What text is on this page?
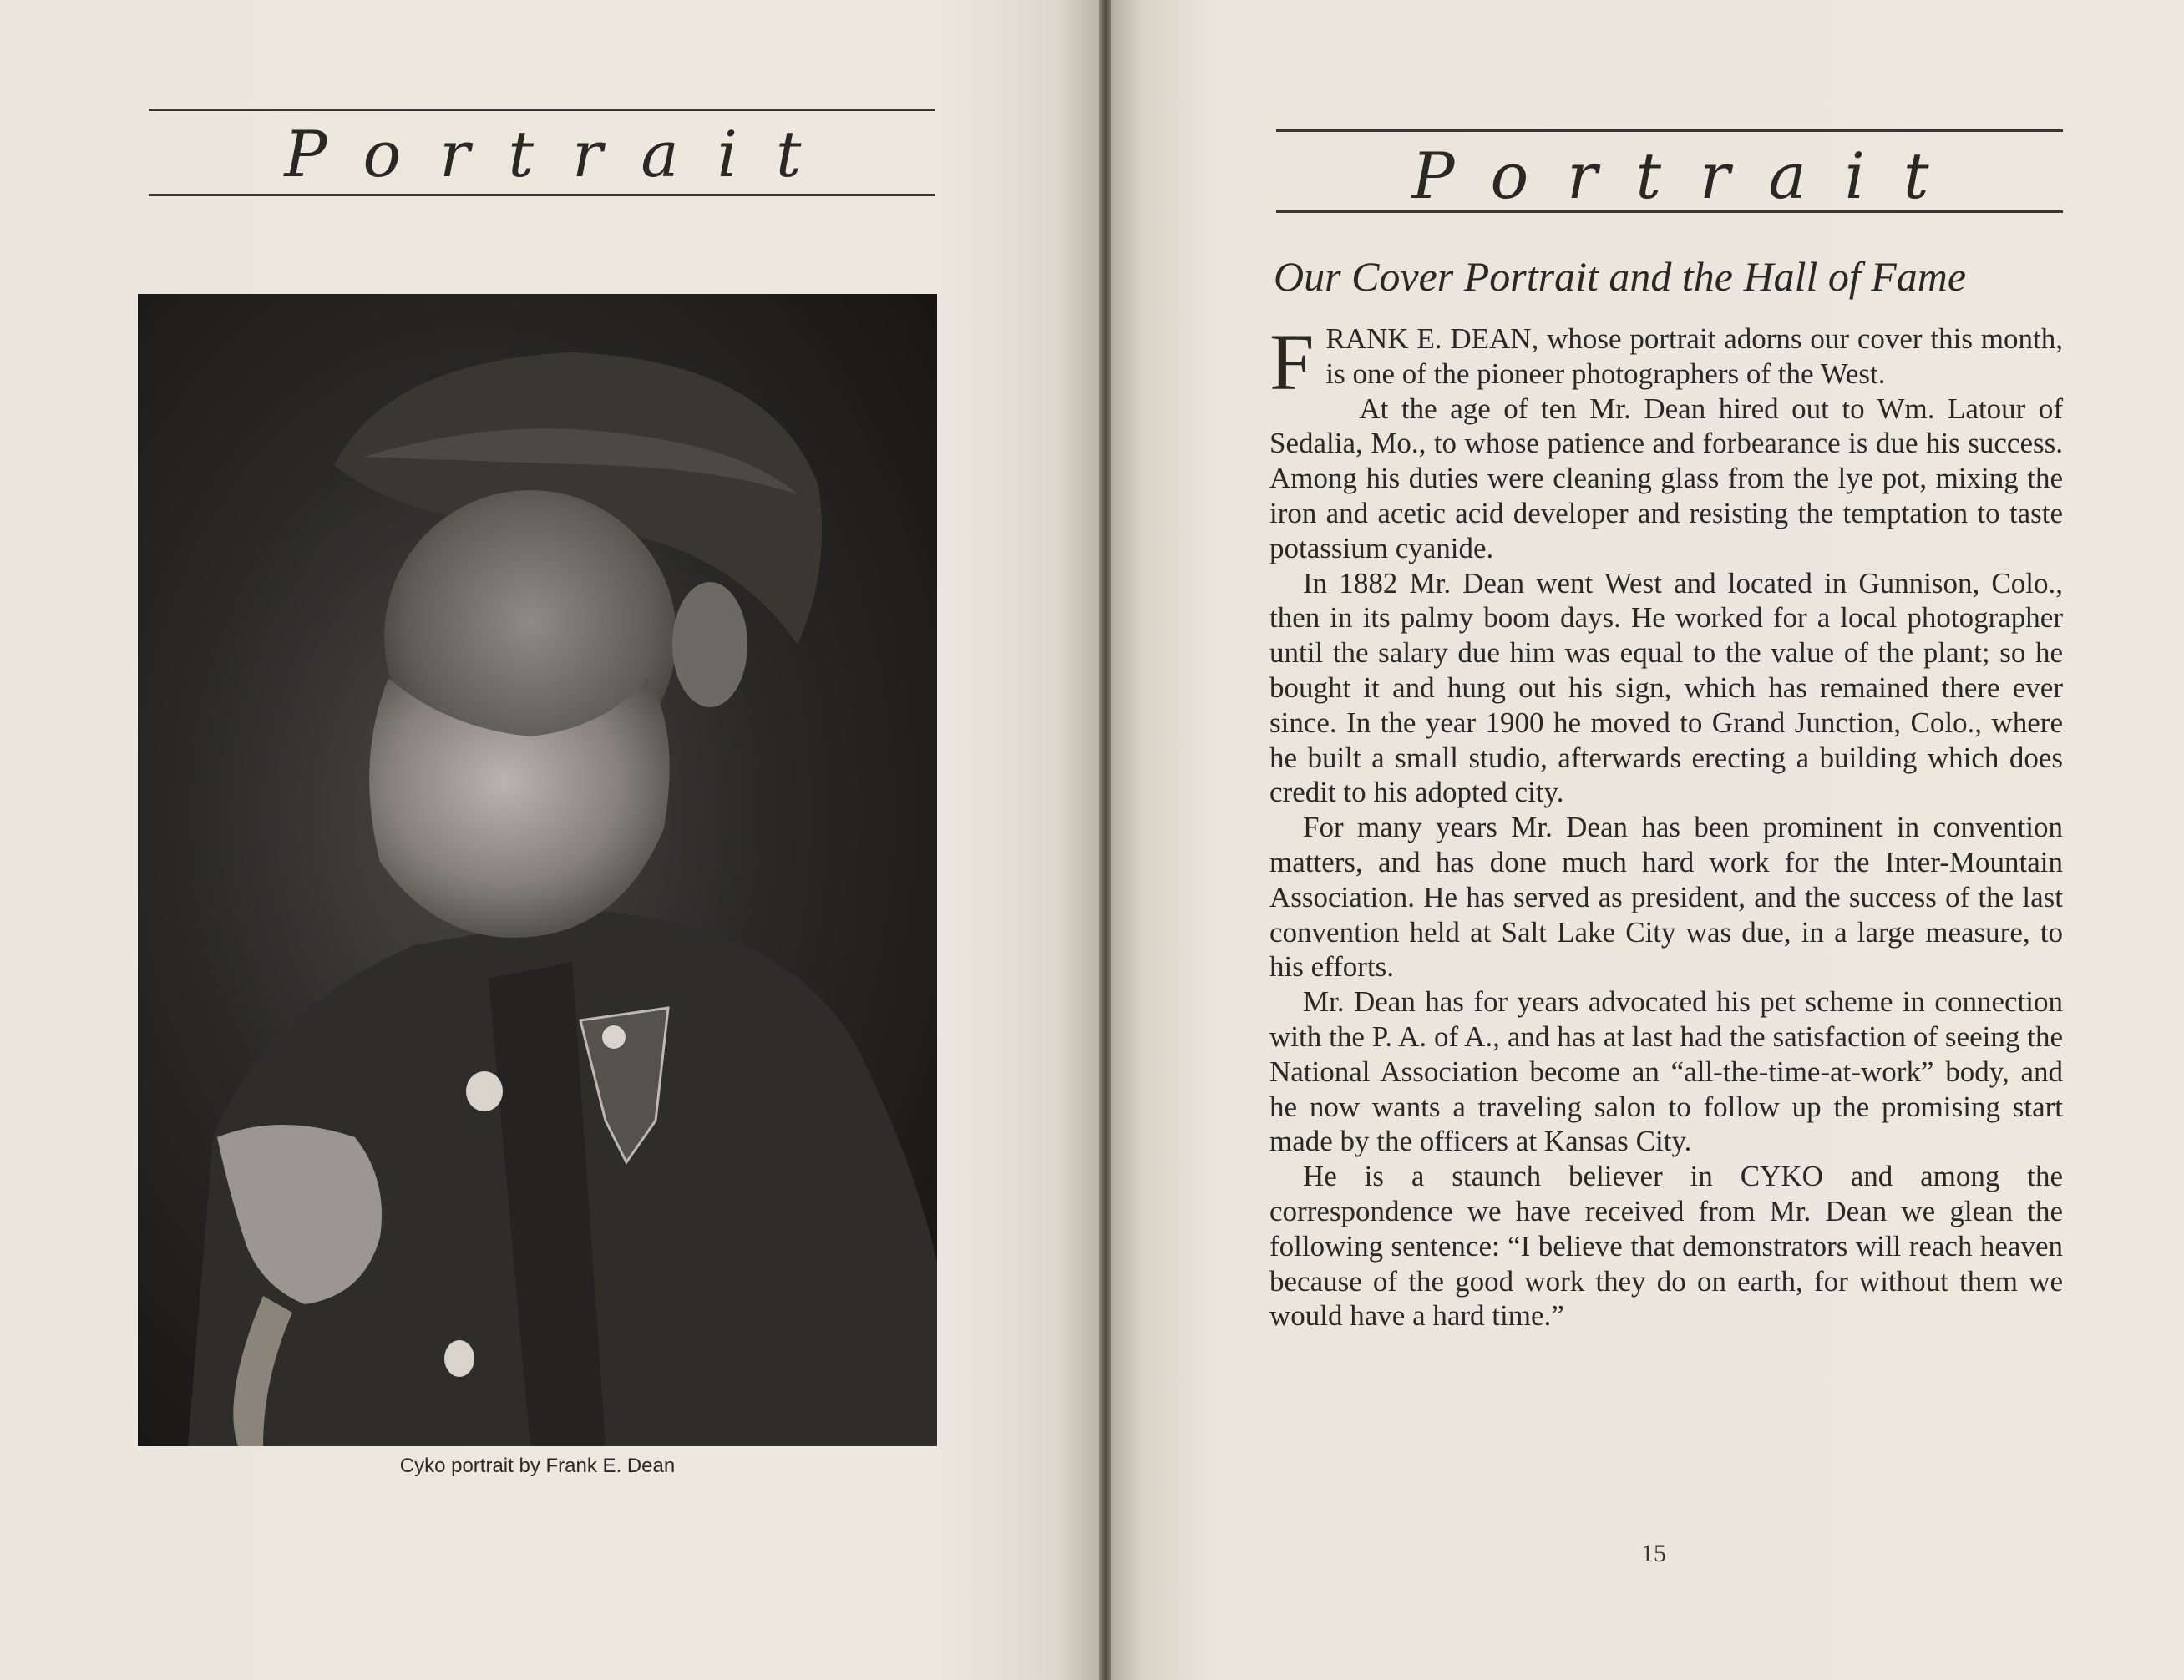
Portrait
Cyko portrait by Frank E. Dean
Portrait
Our Cover Portrait and the Hall of Fame

FRANK E. DEAN, whose portrait adorns our cover this month, is one of the pioneer photographers of the West.

At the age of ten Mr. Dean hired out to Wm. Latour of Sedalia, Mo., to whose patience and forbearance is due his success. Among his duties were cleaning glass from the lye pot, mixing the iron and acetic acid developer and resisting the temptation to taste potassium cyanide.

In 1882 Mr. Dean went West and located in Gunnison, Colo., then in its palmy boom days. He worked for a local photographer until the salary due him was equal to the value of the plant; so he bought it and hung out his sign, which has remained there ever since. In the year 1900 he moved to Grand Junction, Colo., where he built a small studio, afterwards erecting a building which does credit to his adopted city.

For many years Mr. Dean has been prominent in convention matters, and has done much hard work for the Inter-Mountain Association. He has served as president, and the success of the last convention held at Salt Lake City was due, in a large measure, to his efforts.

Mr. Dean has for years advocated his pet scheme in connection with the P. A. of A., and has at last had the satisfaction of seeing the National Association become an “all-the-time-at-work” body, and he now wants a traveling salon to follow up the promising start made by the officers at Kansas City.

He is a staunch believer in CYKO and among the correspondence we have received from Mr. Dean we glean the following sentence: “I believe that demonstrators will reach heaven because of the good work they do on earth, for without them we would have a hard time.”

15
